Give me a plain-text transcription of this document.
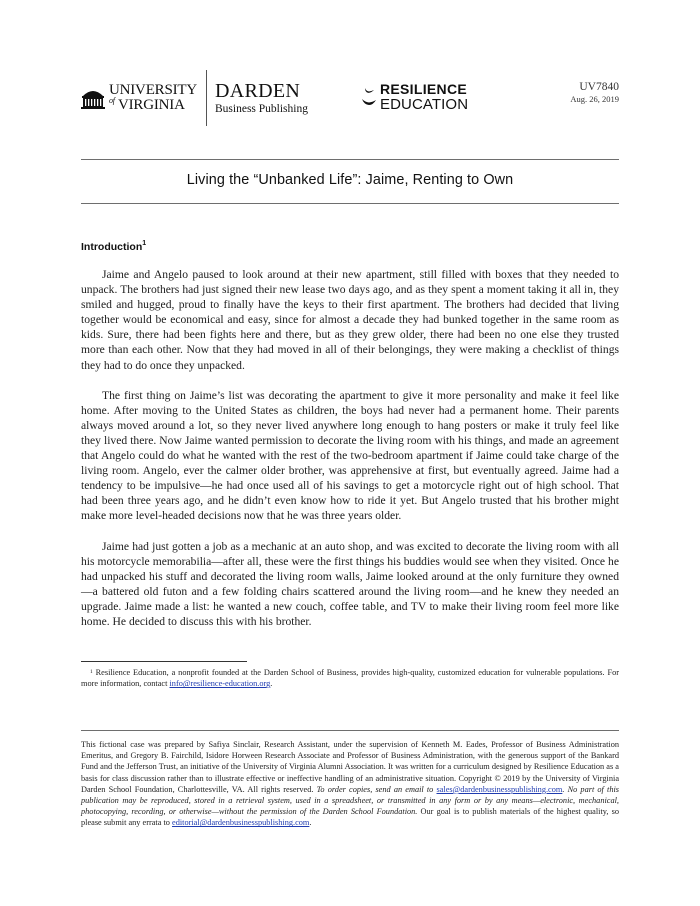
UNIVERSITY
of VIRGINIA
DARDEN
Business Publishing
RESILIENCE
EDUCATION
UV7840
Aug. 26, 2019
Living the “Unbanked Life”: Jaime, Renting to Own
Introduction$^1$

Jaime and Angelo paused to look around at their new apartment, still filled with boxes that they needed to unpack. The brothers had just signed their new lease two days ago, and as they spent a moment taking it all in, they smiled and hugged, proud to finally have the keys to their first apartment. The brothers had decided that living together would be economical and easy, since for almost a decade they had bunked together in the same room as kids. Sure, there had been fights here and there, but as they grew older, there had been no one else they trusted more than each other. Now that they had moved in all of their belongings, they were making a checklist of things they had to do once they unpacked.

The first thing on Jaime’s list was decorating the apartment to give it more personality and make it feel like home. After moving to the United States as children, the boys had never had a permanent home. Their parents always moved around a lot, so they never lived anywhere long enough to hang posters or make it truly feel like they lived there. Now Jaime wanted permission to decorate the living room with his things, and made an agreement that Angelo could do what he wanted with the rest of the two-bedroom apartment if Jaime could take charge of the living room. Angelo, ever the calmer older brother, was apprehensive at first, but eventually agreed. Jaime had a tendency to be impulsive—he had once used all of his savings to get a motorcycle right out of high school. That had been three years ago, and he didn’t even know how to ride it yet. But Angelo trusted that his brother might make more level-headed decisions now that he was three years older.

Jaime had just gotten a job as a mechanic at an auto shop, and was excited to decorate the living room with all his motorcycle memorabilia—after all, these were the first things his buddies would see when they visited. Once he had unpacked his stuff and decorated the living room walls, Jaime looked around at the only furniture they owned—a battered old futon and a few folding chairs scattered around the living room—and he knew they needed an upgrade. Jaime made a list: he wanted a new couch, coffee table, and TV to make their living room feel more like home. He decided to discuss this with his brother.

$^1$ Resilience Education, a nonprofit founded at the Darden School of Business, provides high-quality, customized education for vulnerable populations. For more information, contact info@resilience-education.org.

This fictional case was prepared by Safiya Sinclair, Research Assistant, under the supervision of Kenneth M. Eades, Professor of Business Administration Emeritus, and Gregory B. Fairchild, Isidore Horween Research Associate and Professor of Business Administration, with the generous support of the Bankard Fund and the Jefferson Trust, an initiative of the University of Virginia Alumni Association. It was written for a curriculum designed by Resilience Education as a basis for class discussion rather than to illustrate effective or ineffective handling of an administrative situation. Copyright © 2019 by the University of Virginia Darden School Foundation, Charlottesville, VA. All rights reserved. To order copies, send an email to sales@dardenbusinesspublishing.com. No part of this publication may be reproduced, stored in a retrieval system, used in a spreadsheet, or transmitted in any form or by any means—electronic, mechanical, photocopying, recording, or otherwise—without the permission of the Darden School Foundation. Our goal is to publish materials of the highest quality, so please submit any errata to editorial@dardenbusinesspublishing.com.
